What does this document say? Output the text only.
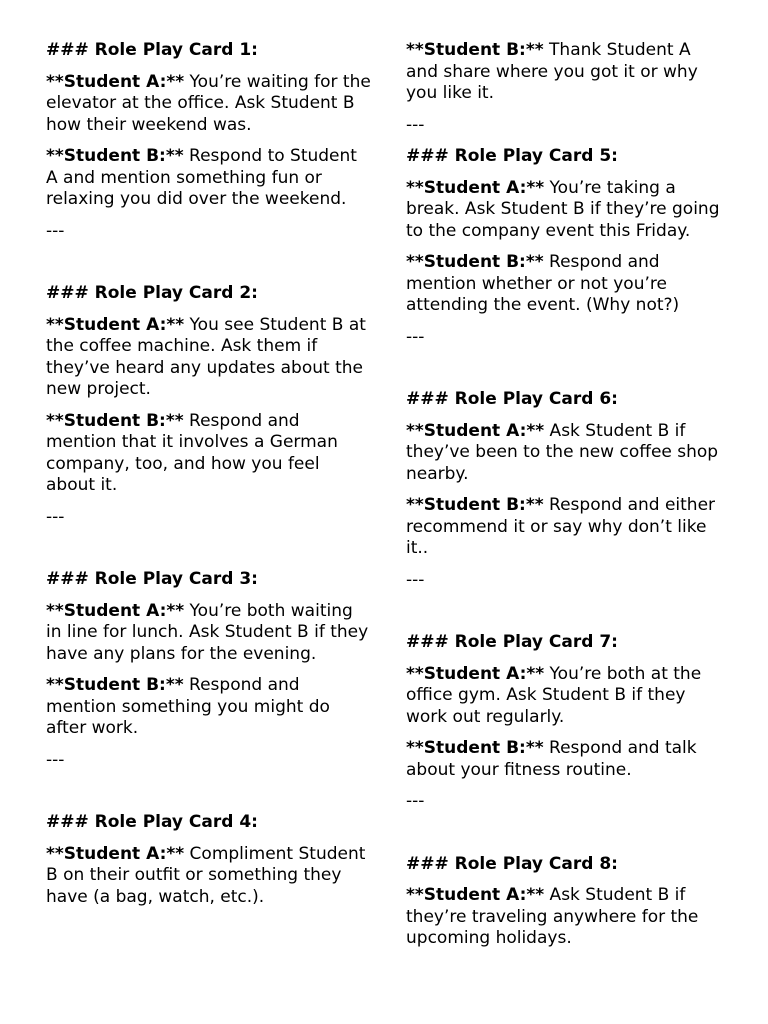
### Role Play Card 1:
**Student A:** You’re waiting for the elevator at the office. Ask Student B how their weekend was.
**Student B:** Respond to Student A and mention something fun or relaxing you did over the weekend.
---
### Role Play Card 2:
**Student A:** You see Student B at the coffee machine. Ask them if they’ve heard any updates about the new project.
**Student B:** Respond and mention that it involves a German company, too, and how you feel about it.
---
### Role Play Card 3:
**Student A:** You’re both waiting in line for lunch. Ask Student B if they have any plans for the evening.
**Student B:** Respond and mention something you might do after work.
---
### Role Play Card 4:
**Student A:** Compliment Student B on their outfit or something they have (a bag, watch, etc.).
**Student B:** Thank Student A and share where you got it or why you like it.
---
### Role Play Card 5:
**Student A:** You’re taking a break. Ask Student B if they’re going to the company event this Friday.
**Student B:** Respond and mention whether or not you’re attending the event. (Why not?)
---
### Role Play Card 6:
**Student A:** Ask Student B if they’ve been to the new coffee shop nearby.
**Student B:** Respond and either recommend it or say why don’t like it..
---
### Role Play Card 7:
**Student A:** You’re both at the office gym. Ask Student B if they work out regularly.
**Student B:** Respond and talk about your fitness routine.
---
### Role Play Card 8:
**Student A:** Ask Student B if they’re traveling anywhere for the upcoming holidays.
